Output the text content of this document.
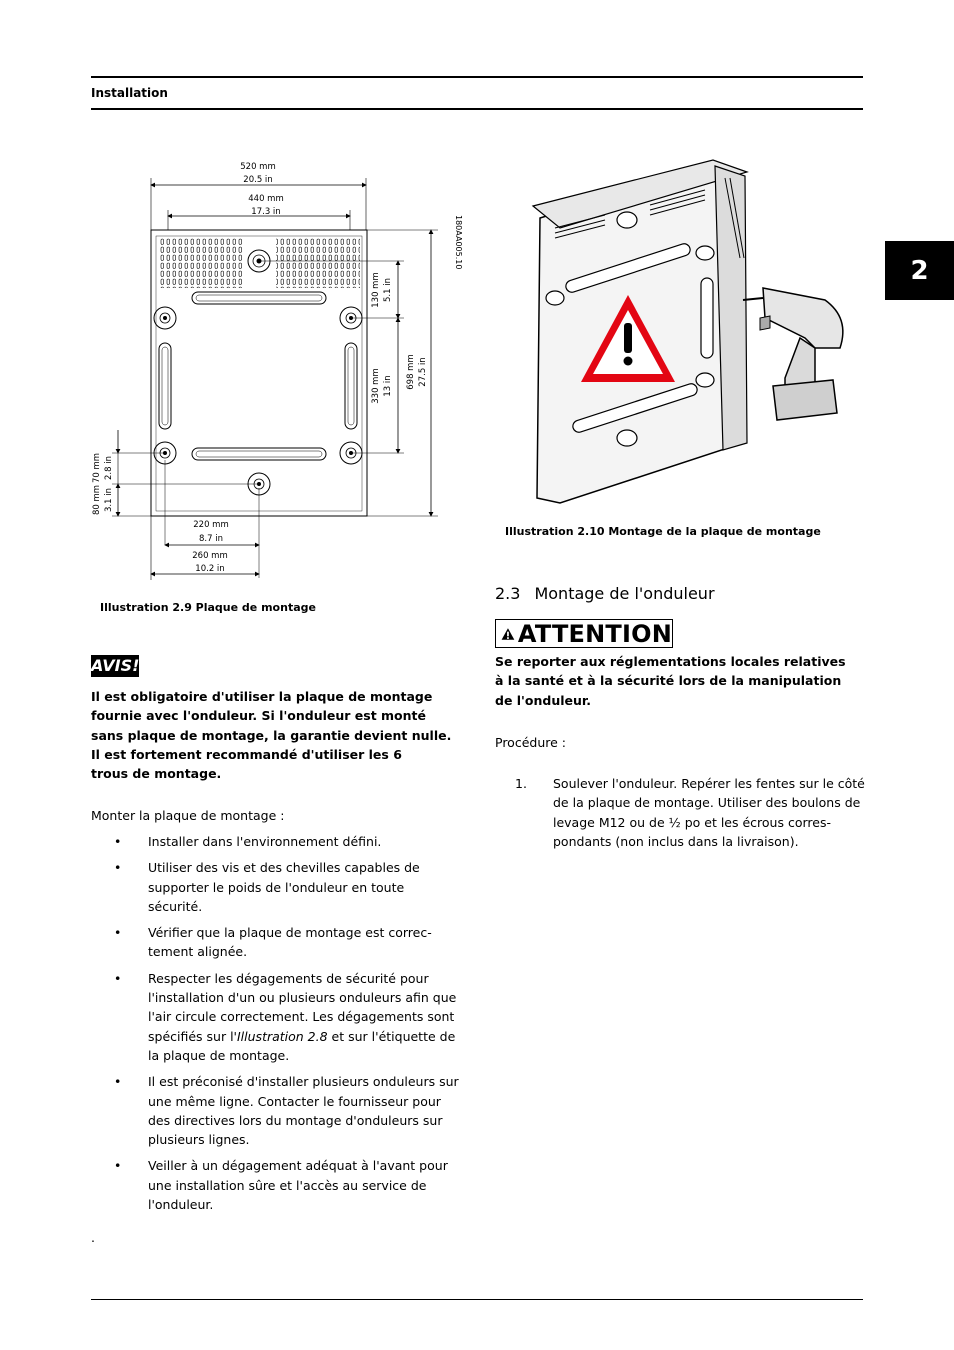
Installation
2
180AA005.10
520 mm
20.5 in
440 mm
17.3 in
130 mm 5.1 in
330 mm 13 in 698 mm 27.5 in
70 mm 2.8 in
80 mm 3.1 in
220 mm
8.7 in
260 mm
10.2 in
Illustration 2.9 Plaque de montage
Illustration 2.10 Montage de la plaque de montage
AVIS!
Il est obligatoire d'utiliser la plaque de montage fournie avec l'onduleur. Si l'onduleur est monté sans plaque de montage, la garantie devient nulle.
Il est fortement recommandé d'utiliser les 6 trous de montage.
Monter la plaque de montage :
• Installer dans l'environnement défini.
• Utiliser des vis et des chevilles capables de supporter le poids de l'onduleur en toute sécurité.
• Vérifier que la plaque de montage est correc-tement alignée.
• Respecter les dégagements de sécurité pour l'installation d'un ou plusieurs onduleurs afin que l'air circule correctement. Les dégagements sont spécifiés sur l'Illustration 2.8 et sur l'étiquette de la plaque de montage.
• Il est préconisé d'installer plusieurs onduleurs sur une même ligne. Contacter le fournisseur pour des directives lors du montage d'onduleurs sur plusieurs lignes.
• Veiller à un dégagement adéquat à l'avant pour une installation sûre et l'accès au service de l'onduleur.
.
2.3 Montage de l'onduleur
ATTENTION
Se reporter aux réglementations locales relatives à la santé et à la sécurité lors de la manipulation de l'onduleur.
Procédure :
1. Soulever l'onduleur. Repérer les fentes sur le côté de la plaque de montage. Utiliser des boulons de levage M12 ou de ½ po et les écrous corres-pondants (non inclus dans la livraison).
